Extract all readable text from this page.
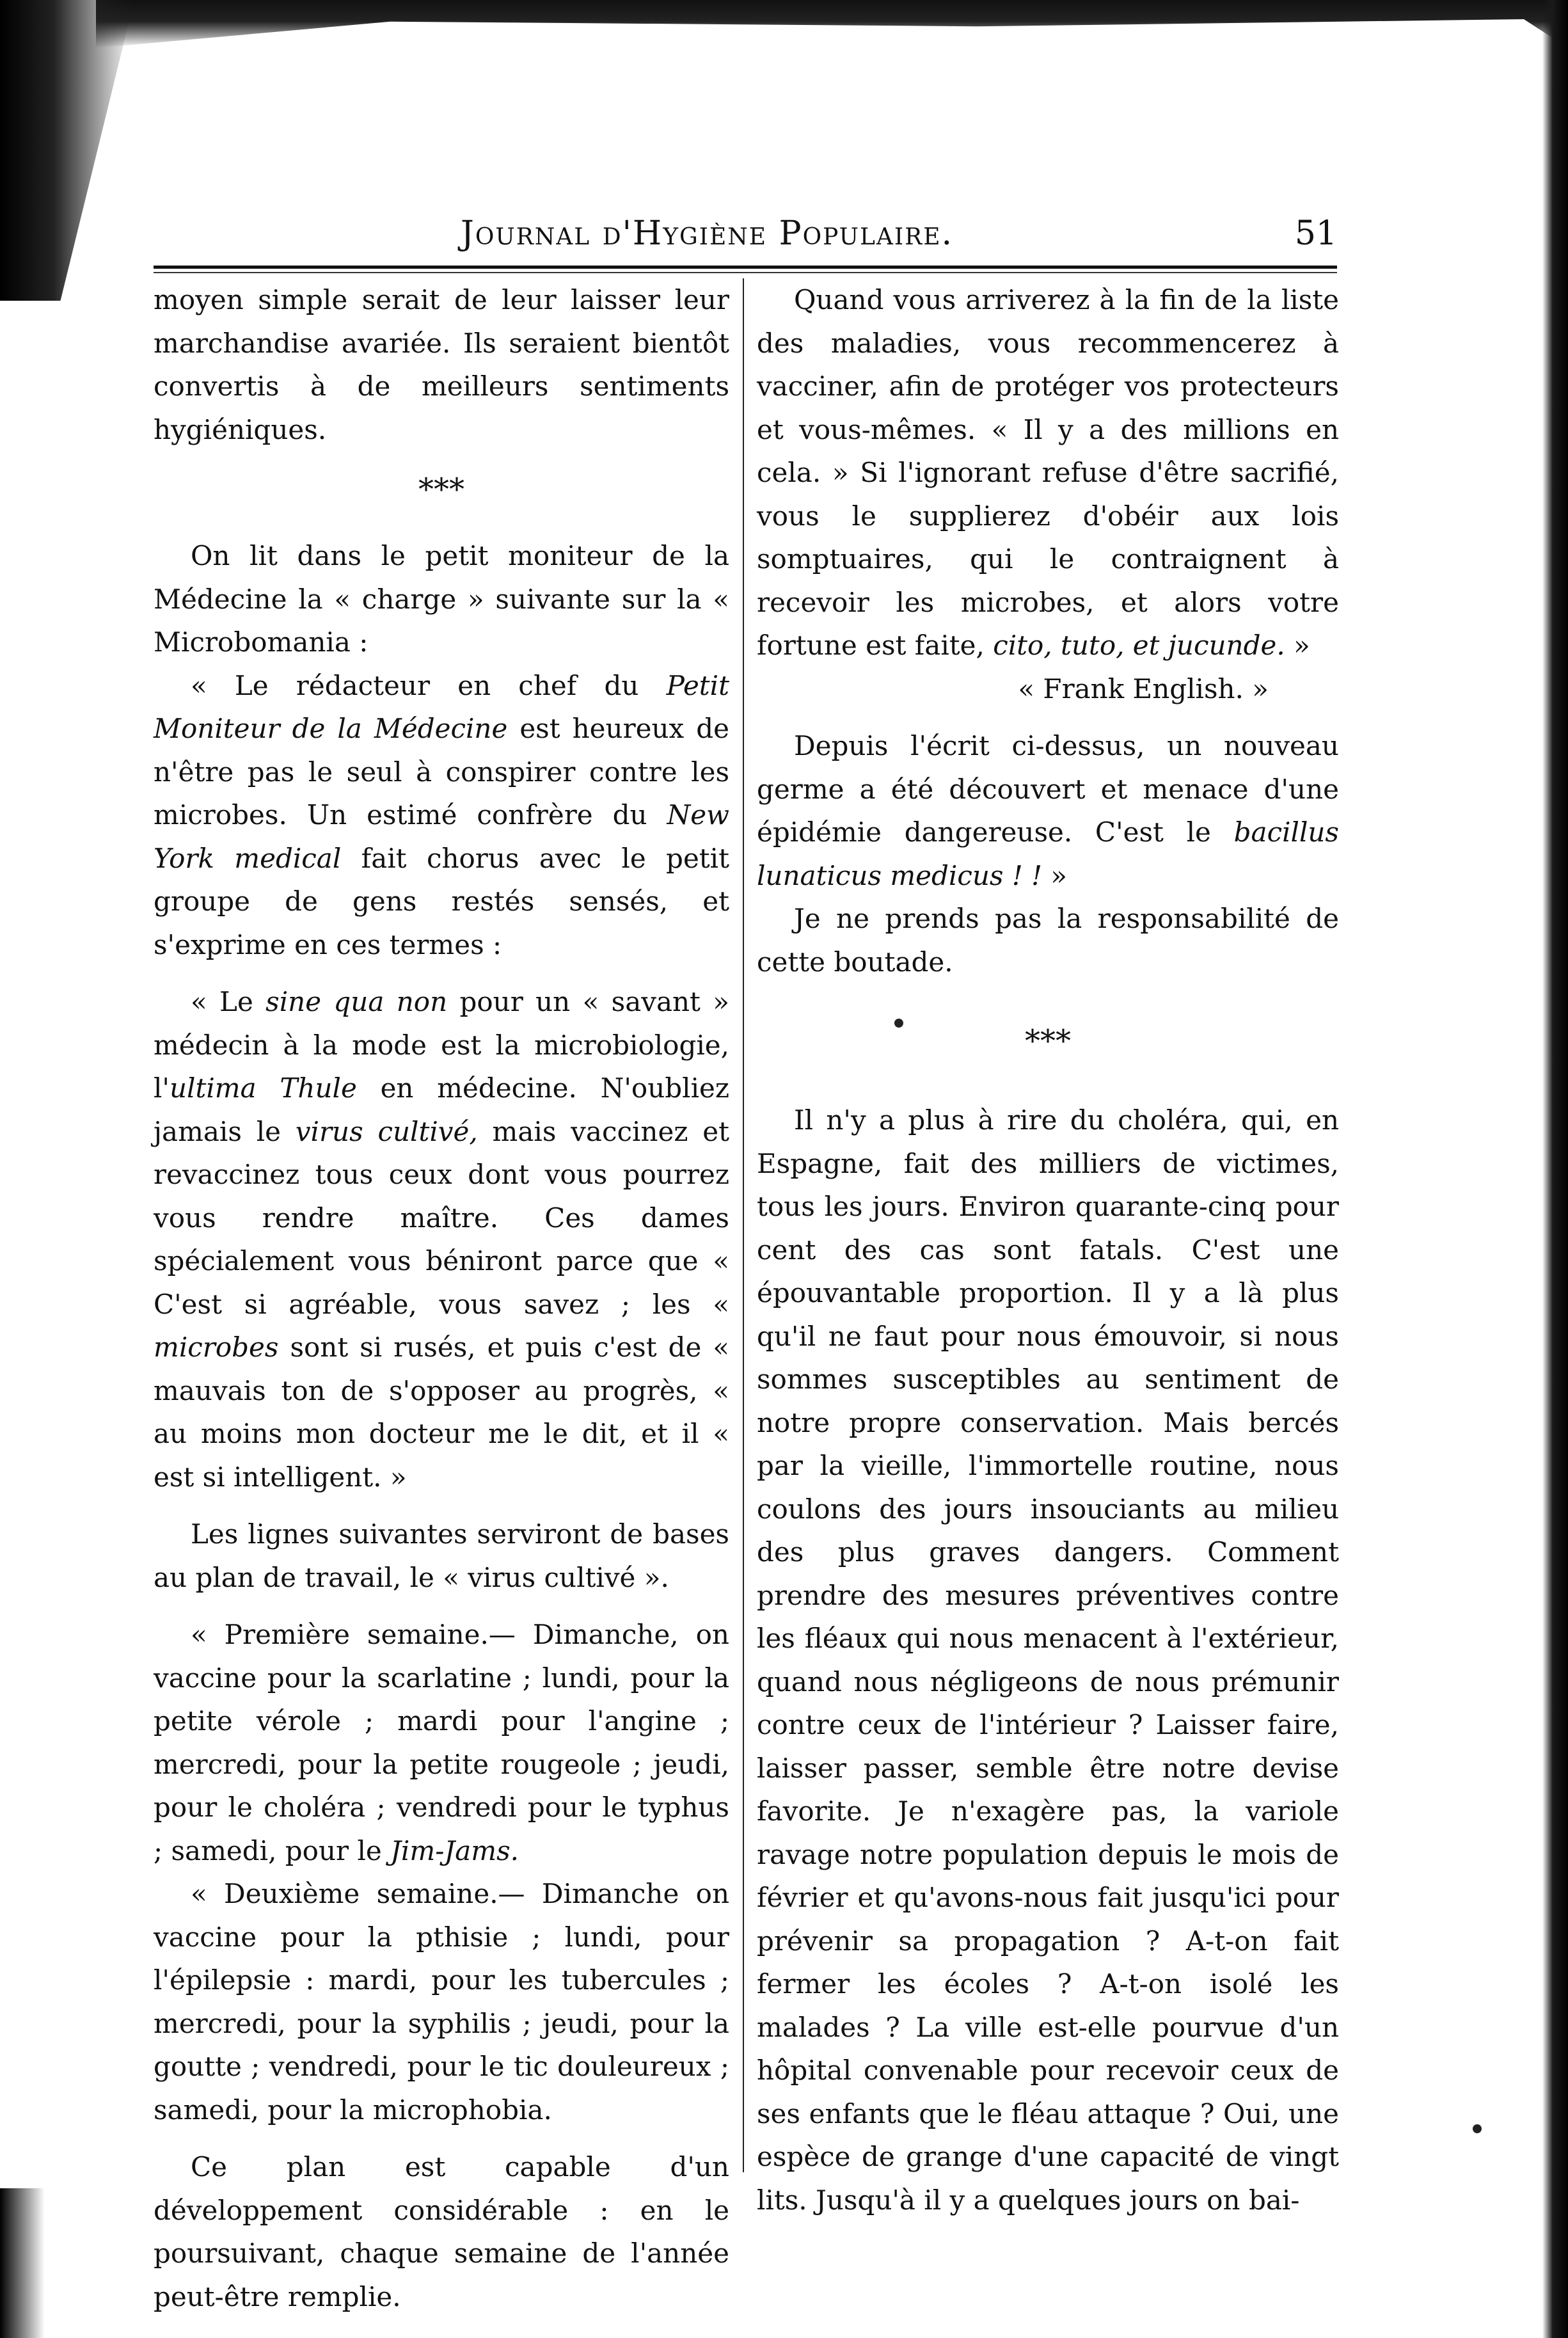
Journal d'Hygiène Populaire.	51

moyen simple serait de leur laisser leur marchandise avariée. Ils seraient bientôt convertis à de meilleurs sentiments hygiéniques.

***

On lit dans le petit moniteur de la Médecine la « charge » suivante sur la « Microbomania :

« Le rédacteur en chef du Petit Moniteur de la Médecine est heureux de n'être pas le seul à conspirer contre les microbes. Un estimé confrère du New York medical fait chorus avec le petit groupe de gens restés sensés, et s'exprime en ces termes :

« Le sine qua non pour un « savant » médecin à la mode est la microbiologie, l'ultima Thule en médecine. N'oubliez jamais le virus cultivé, mais vaccinez et revaccinez tous ceux dont vous pourrez vous rendre maître. Ces dames spécialement vous béniront parce que « C'est si agréable, vous savez ; les « microbes sont si rusés, et puis c'est de « mauvais ton de s'opposer au progrès, « au moins mon docteur me le dit, et il « est si intelligent. »

Les lignes suivantes serviront de bases au plan de travail, le « virus cultivé ».

« Première semaine.— Dimanche, on vaccine pour la scarlatine ; lundi, pour la petite vérole ; mardi pour l'angine ; mercredi, pour la petite rougeole ; jeudi, pour le choléra ; vendredi pour le typhus ; samedi, pour le Jim-Jams.

« Deuxième semaine.— Dimanche on vaccine pour la pthisie ; lundi, pour l'épilepsie : mardi, pour les tubercules ; mercredi, pour la syphilis ; jeudi, pour la goutte ; vendredi, pour le tic douleureux ; samedi, pour la microphobia.

Ce plan est capable d'un développement considérable : en le poursuivant, chaque semaine de l'année peut-être remplie.

Quand vous arriverez à la fin de la liste des maladies, vous recommencerez à vacciner, afin de protéger vos protecteurs et vous-mêmes. « Il y a des millions en cela. » Si l'ignorant refuse d'être sacrifié, vous le supplierez d'obéir aux lois somptuaires, qui le contraignent à recevoir les microbes, et alors votre fortune est faite, cito, tuto, et jucunde. »

« Frank English. »

Depuis l'écrit ci-dessus, un nouveau germe a été découvert et menace d'une épidémie dangereuse. C'est le bacillus lunaticus medicus ! ! »

Je ne prends pas la responsabilité de cette boutade.

***

Il n'y a plus à rire du choléra, qui, en Espagne, fait des milliers de victimes, tous les jours. Environ quarante-cinq pour cent des cas sont fatals. C'est une épouvantable proportion. Il y a là plus qu'il ne faut pour nous émouvoir, si nous sommes susceptibles au sentiment de notre propre conservation. Mais bercés par la vieille, l'immortelle routine, nous coulons des jours insouciants au milieu des plus graves dangers. Comment prendre des mesures préventives contre les fléaux qui nous menacent à l'extérieur, quand nous négligeons de nous prémunir contre ceux de l'intérieur ? Laisser faire, laisser passer, semble être notre devise favorite. Je n'exagère pas, la variole ravage notre population depuis le mois de février et qu'avons-nous fait jusqu'ici pour prévenir sa propagation ? A-t-on fait fermer les écoles ? A-t-on isolé les malades ? La ville est-elle pourvue d'un hôpital convenable pour recevoir ceux de ses enfants que le fléau attaque ? Oui, une espèce de grange d'une capacité de vingt lits. Jusqu'à il y a quelques jours on bai-
